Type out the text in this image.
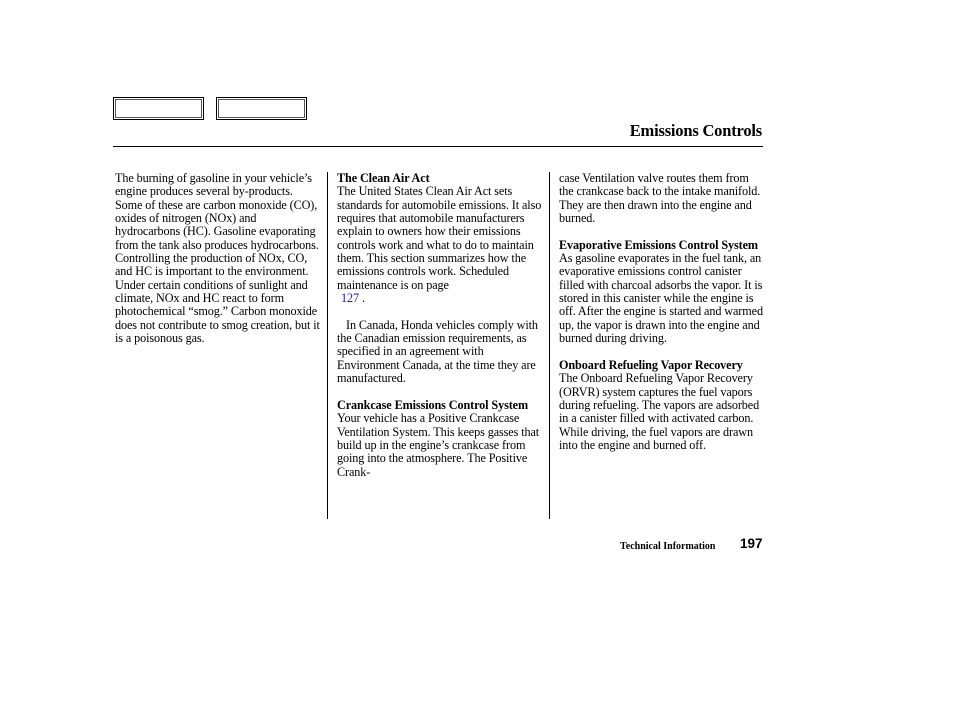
Emissions Controls

The burning of gasoline in your vehicle’s engine produces several by-products. Some of these are carbon monoxide (CO), oxides of nitrogen (NOx) and hydrocarbons (HC). Gasoline evaporating from the tank also produces hydrocarbons. Controlling the production of NOx, CO, and HC is important to the environment. Under certain conditions of sunlight and climate, NOx and HC react to form photochemical “smog.” Carbon monoxide does not contribute to smog creation, but it is a poisonous gas.

The Clean Air Act

The United States Clean Air Act sets standards for automobile emissions. It also requires that automobile manufacturers explain to owners how their emissions controls work and what to do to maintain them. This section summarizes how the emissions controls work. Scheduled maintenance is on page
127 .

In Canada, Honda vehicles comply with the Canadian emission requirements, as specified in an agreement with Environment Canada, at the time they are manufactured.

Crankcase Emissions Control System

Your vehicle has a Positive Crankcase Ventilation System. This keeps gasses that build up in the engine’s crankcase from going into the atmosphere. The Positive Crank-

case Ventilation valve routes them from the crankcase back to the intake manifold. They are then drawn into the engine and burned.

Evaporative Emissions Control System

As gasoline evaporates in the fuel tank, an evaporative emissions control canister filled with charcoal adsorbs the vapor. It is stored in this canister while the engine is off. After the engine is started and warmed up, the vapor is drawn into the engine and burned during driving.

Onboard Refueling Vapor Recovery

The Onboard Refueling Vapor Recovery (ORVR) system captures the fuel vapors during refueling. The vapors are adsorbed in a canister filled with activated carbon. While driving, the fuel vapors are drawn into the engine and burned off.

Technical Information 197
